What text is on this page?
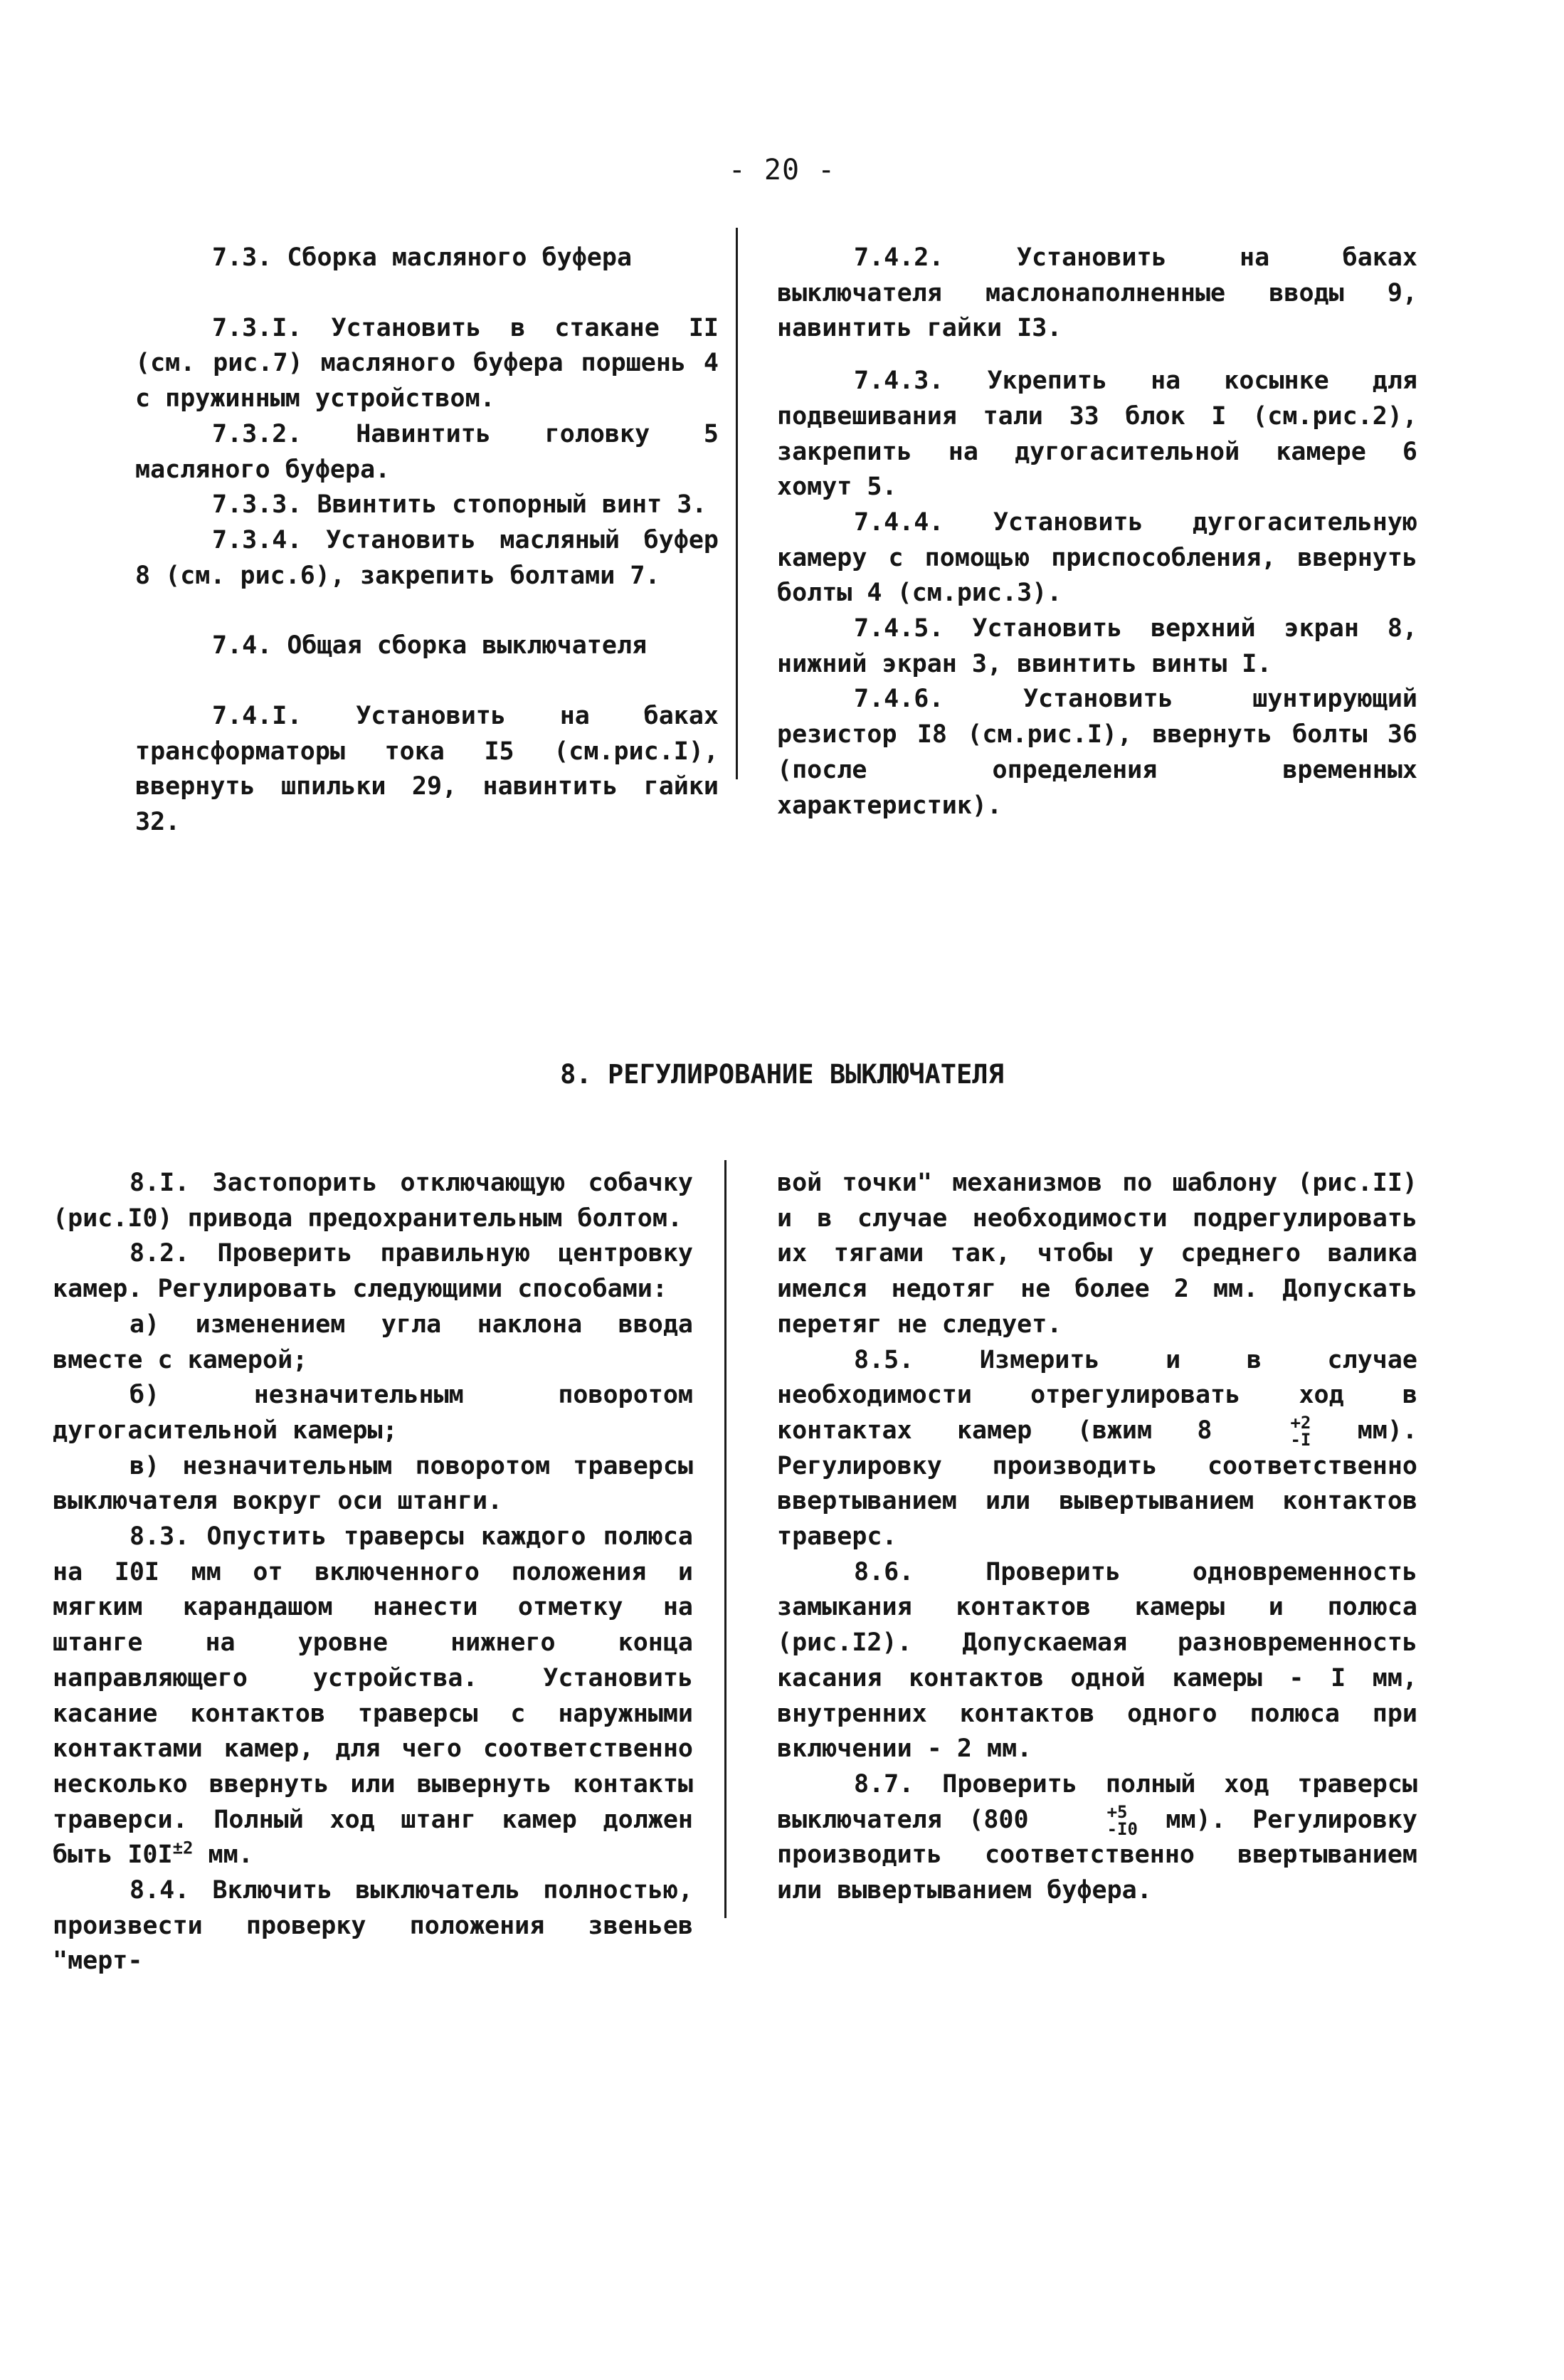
- 20 -
7.3. Сборка масляного буфера

7.3.I. Установить в стакане II (см. рис.7) масляного буфера поршень 4 с пружинным устройством.

7.3.2. Навинтить головку 5 масляного буфера.

7.3.3. Ввинтить стопорный винт 3.

7.3.4. Установить масляный буфер 8 (см. рис.6), закрепить болтами 7.

7.4. Общая сборка выключателя

7.4.I. Установить на баках трансформаторы тока I5 (см.рис.I), ввернуть шпильки 29, навинтить гайки 32.

7.4.2. Установить на баках выключателя маслонаполненные вводы 9, навинтить гайки I3.

7.4.3. Укрепить на косынке для подвешивания тали 33 блок I (см.рис.2), закрепить на дугогасительной камере 6 хомут 5.

7.4.4. Установить дугогасительную камеру с помощью приспособления, ввернуть болты 4 (см.рис.3).

7.4.5. Установить верхний экран 8, нижний экран 3, ввинтить винты I.

7.4.6. Установить шунтирующий резистор I8 (см.рис.I), ввернуть болты 36 (после определения временных характеристик).

8. РЕГУЛИРОВАНИЕ ВЫКЛЮЧАТЕЛЯ

8.I. Застопорить отключающую собачку (рис.I0) привода предохранительным болтом.

8.2. Проверить правильную центровку камер. Регулировать следующими способами:

а) изменением угла наклона ввода вместе с камерой;

б) незначительным поворотом дугогасительной камеры;

в) незначительным поворотом траверсы выключателя вокруг оси штанги.

8.3. Опустить траверсы каждого полюса на I0I мм от включенного положения и мягким карандашом нанести отметку на штанге на уровне нижнего конца направляющего устройства. Установить касание контактов траверсы с наружными контактами камер, для чего соответственно несколько ввернуть или вывернуть контакты траверси. Полный ход штанг камер должен быть $I0I^{\pm 2}$ мм.

8.4. Включить выключатель полностью, произвести проверку положения звеньев "мерт-

вой точки" механизмов по шаблону (рис.II) и в случае необходимости подрегулировать их тягами так, чтобы у среднего валика имелся недотяг не более 2 мм. Допускать перетяг не следует.

8.5. Измерить и в случае необходимости отрегулировать ход в контактах камер (вжим 8	+2
-I мм). Регулировку производить соответственно ввертыванием или вывертыванием контактов траверс.

8.6. Проверить одновременность замыкания контактов камеры и полюса (рис.I2). Допускаемая разновременность касания контактов одной камеры - I мм, внутренних контактов одного полюса при включении - 2 мм.

8.7. Проверить полный ход траверсы выключателя (800	+5
-I0 мм). Регулировку производить соответственно ввертыванием или вывертыванием буфера.
